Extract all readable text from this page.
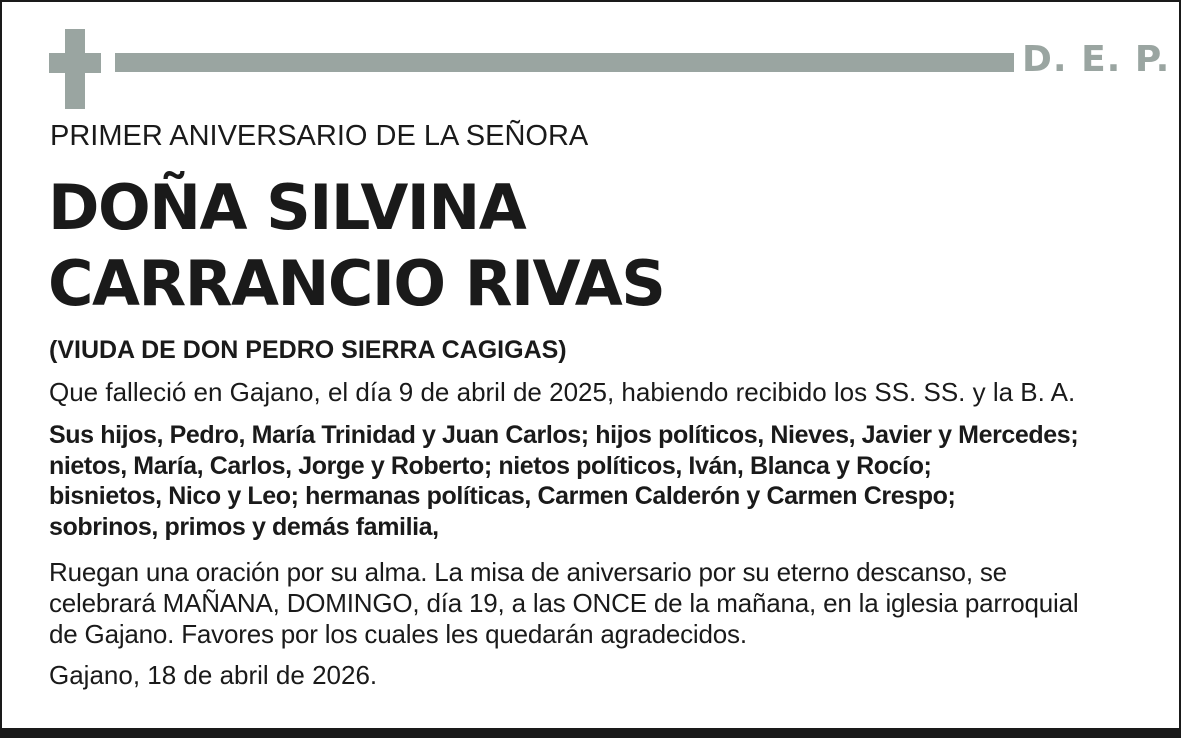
D. E. P.
PRIMER ANIVERSARIO DE LA SEÑORA
DOÑA SILVINA
CARRANCIO RIVAS
(VIUDA DE DON PEDRO SIERRA CAGIGAS)
Que falleció en Gajano, el día 9 de abril de 2025, habiendo recibido los SS. SS. y la B. A.
Sus hijos, Pedro, María Trinidad y Juan Carlos; hijos políticos, Nieves, Javier y Mercedes;
nietos, María, Carlos, Jorge y Roberto; nietos políticos, Iván, Blanca y Rocío;
bisnietos, Nico y Leo; hermanas políticas, Carmen Calderón y Carmen Crespo;
sobrinos, primos y demás familia,
Ruegan una oración por su alma. La misa de aniversario por su eterno descanso, se
celebrará MAÑANA, DOMINGO, día 19, a las ONCE de la mañana, en la iglesia parroquial
de Gajano. Favores por los cuales les quedarán agradecidos.
Gajano, 18 de abril de 2026.
